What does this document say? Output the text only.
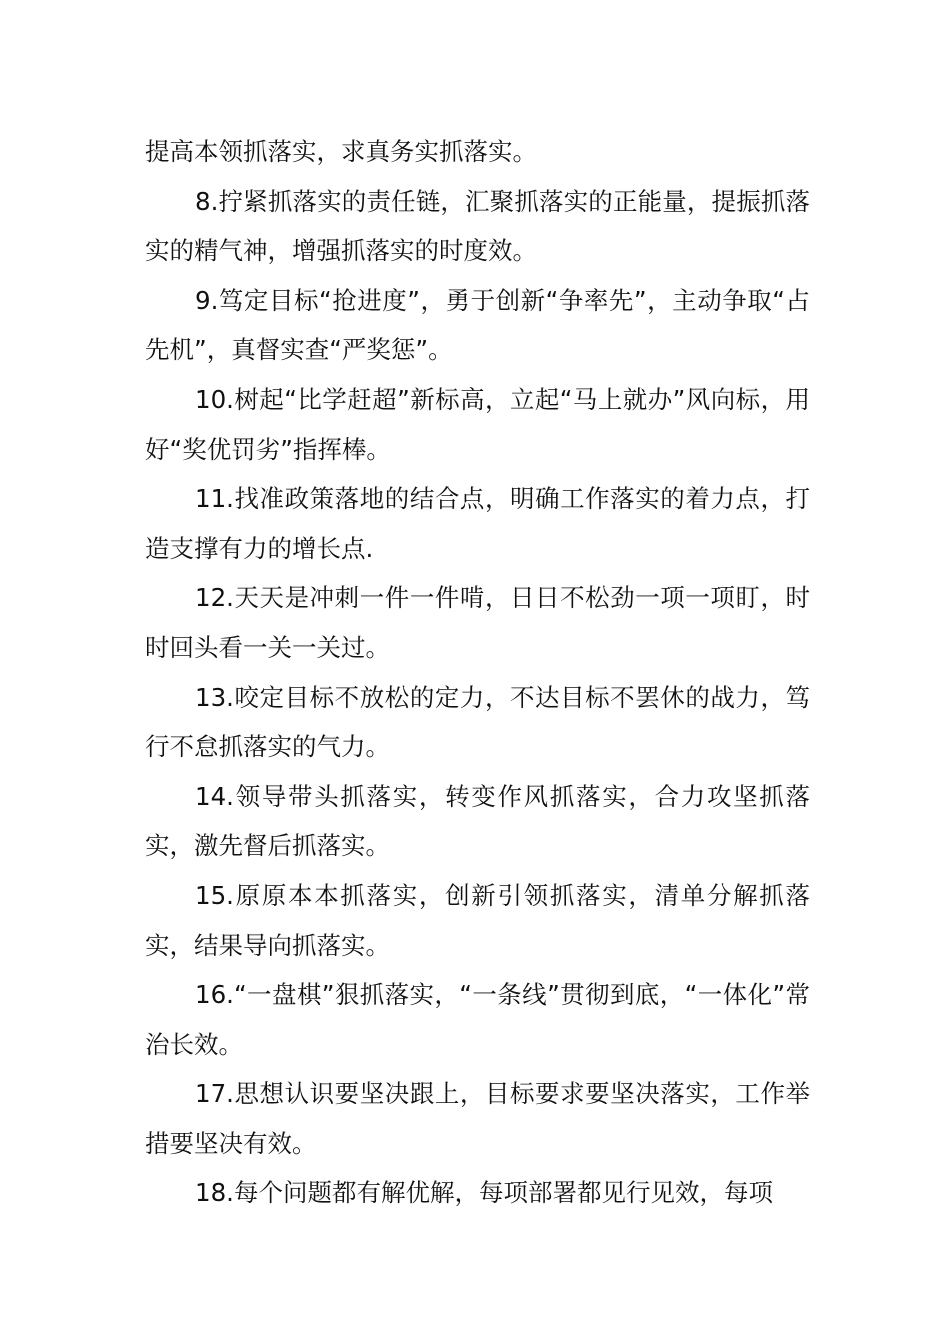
提高本领抓落实，求真务实抓落实。

8.拧紧抓落实的责任链，汇聚抓落实的正能量，提振抓落实的精气神，增强抓落实的时度效。

9.笃定目标“抢进度”，勇于创新“争率先”，主动争取“占先机”，真督实查“严奖惩”。

10.树起“比学赶超”新标高，立起“马上就办”风向标，用好“奖优罚劣”指挥棒。

11.找准政策落地的结合点，明确工作落实的着力点，打造支撑有力的增长点.

12.天天是冲刺一件一件啃，日日不松劲一项一项盯，时时回头看一关一关过。

13.咬定目标不放松的定力，不达目标不罢休的战力，笃行不怠抓落实的气力。

14.领导带头抓落实，转变作风抓落实，合力攻坚抓落实，激先督后抓落实。

15.原原本本抓落实，创新引领抓落实，清单分解抓落实，结果导向抓落实。

16.“一盘棋”狠抓落实，“一条线”贯彻到底，“一体化”常治长效。

17.思想认识要坚决跟上，目标要求要坚决落实，工作举措要坚决有效。

18.每个问题都有解优解，每项部署都见行见效，每项
